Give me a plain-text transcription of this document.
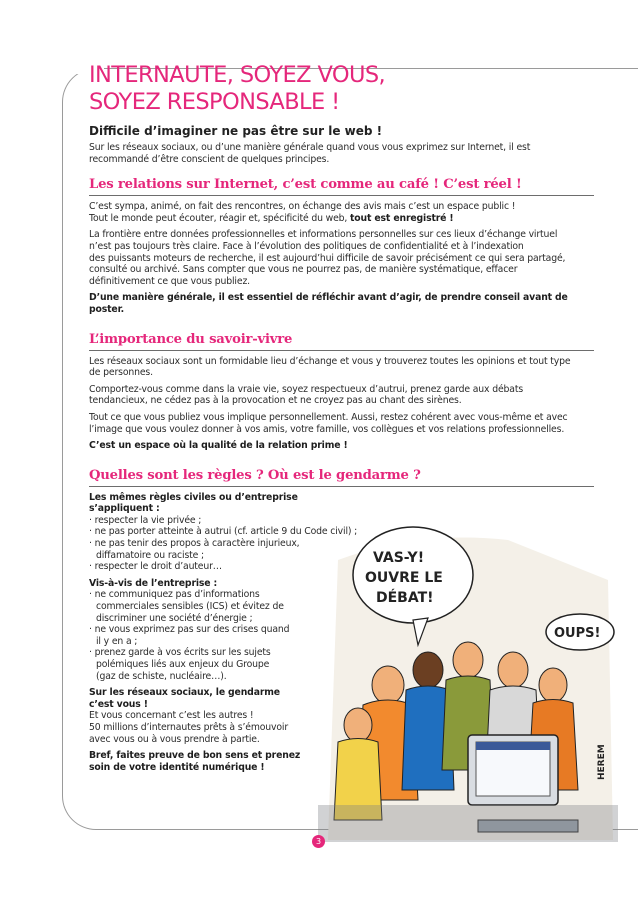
INTERNAUTE, SOYEZ VOUS,
SOYEZ RESPONSABLE !
Difficile d’imaginer ne pas être sur le web !
Sur les réseaux sociaux, ou d’une manière générale quand vous vous exprimez sur Internet, il est
recommandé d’être conscient de quelques principes.
Les relations sur Internet, c’est comme au café ! C’est réel !
C’est sympa, animé, on fait des rencontres, on échange des avis mais c’est un espace public !
Tout le monde peut écouter, réagir et, spécificité du web, tout est enregistré !
La frontière entre données professionnelles et informations personnelles sur ces lieux d’échange virtuel
n’est pas toujours très claire. Face à l’évolution des politiques de confidentialité et à l’indexation
des puissants moteurs de recherche, il est aujourd’hui difficile de savoir précisément ce qui sera partagé,
consulté ou archivé. Sans compter que vous ne pourrez pas, de manière systématique, effacer
définitivement ce que vous publiez.
D’une manière générale, il est essentiel de réfléchir avant d’agir, de prendre conseil avant de poster.
L’importance du savoir-vivre
Les réseaux sociaux sont un formidable lieu d’échange et vous y trouverez toutes les opinions et tout type
de personnes.
Comportez-vous comme dans la vraie vie, soyez respectueux d’autrui, prenez garde aux débats
tendancieux, ne cédez pas à la provocation et ne croyez pas au chant des sirènes.
Tout ce que vous publiez vous implique personnellement. Aussi, restez cohérent avec vous-même et avec
l’image que vous voulez donner à vos amis, votre famille, vos collègues et vos relations professionnelles.
C’est un espace où la qualité de la relation prime !
Quelles sont les règles ? Où est le gendarme ?
Les mêmes règles civiles ou d’entreprise s’appliquent :
· respecter la vie privée ;
· ne pas porter atteinte à autrui (cf. article 9 du Code civil) ;
· ne pas tenir des propos à caractère injurieux,
diffamatoire ou raciste ;
· respecter le droit d’auteur…
Vis-à-vis de l’entreprise :
· ne communiquez pas d’informations
commerciales sensibles (ICS) et évitez de
discriminer une société d’énergie ;
· ne vous exprimez pas sur des crises quand
il y en a ;
· prenez garde à vos écrits sur les sujets
polémiques liés aux enjeux du Groupe
(gaz de schiste, nucléaire…).
Sur les réseaux sociaux, le gendarme
c’est vous !
Et vous concernant c’est les autres !
50 millions d’internautes prêts à s’émouvoir
avec vous ou à vous prendre à partie.
Bref, faites preuve de bon sens et prenez
soin de votre identité numérique !
VAS-Y!
OUVRE LE
DÉBAT!
OUPS!
HEREM
3
